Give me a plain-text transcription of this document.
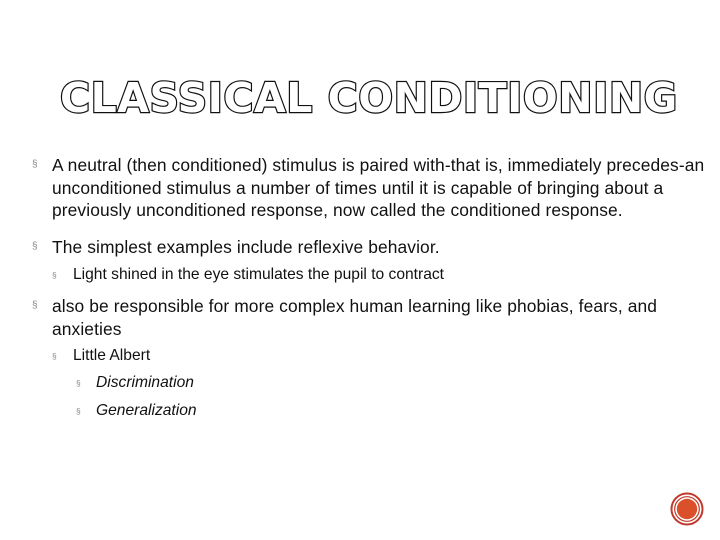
CLASSICAL CONDITIONING
§ A neutral (then conditioned) stimulus is paired with-that is, immediately precedes-an unconditioned stimulus a number of times until it is capable of bringing about a previously unconditioned response, now called the conditioned response.
§ The simplest examples include reflexive behavior.
§ Light shined in the eye stimulates the pupil to contract
§ also be responsible for more complex human learning like phobias, fears, and anxieties
§ Little Albert
§ Discrimination
§ Generalization
